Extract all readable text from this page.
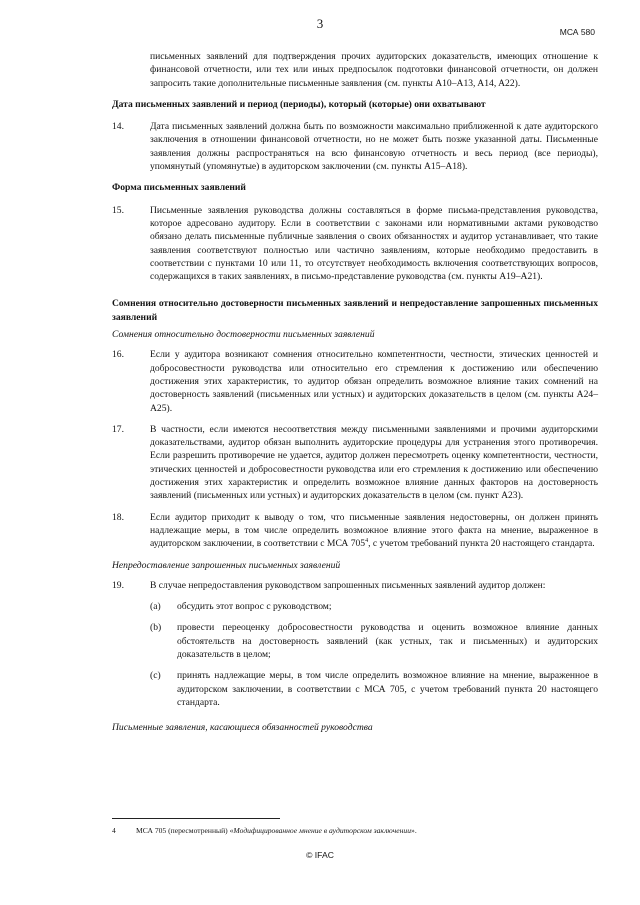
3
МСА 580

письменных заявлений для подтверждения прочих аудиторских доказательств, имеющих отношение к финансовой отчетности, или тех или иных предпосылок подготовки финансовой отчетности, он должен запросить такие дополнительные письменные заявления (см. пункты A10–A13, A14, A22).

Дата письменных заявлений и период (периоды), который (которые) они охватывают

14.	Дата письменных заявлений должна быть по возможности максимально приближенной к дате аудиторского заключения в отношении финансовой отчетности, но не может быть позже указанной даты. Письменные заявления должны распространяться на всю финансовую отчетность и весь период (все периоды), упомянутый (упомянутые) в аудиторском заключении (см. пункты A15–A18).

Форма письменных заявлений

15.	Письменные заявления руководства должны составляться в форме письма-представления руководства, которое адресовано аудитору. Если в соответствии с законами или нормативными актами руководство обязано делать письменные публичные заявления о своих обязанностях и аудитор устанавливает, что такие заявления соответствуют полностью или частично заявлениям, которые необходимо предоставить в соответствии с пунктами 10 или 11, то отсутствует необходимость включения соответствующих вопросов, содержащихся в таких заявлениях, в письмо-представление руководства (см. пункты A19–A21).

Сомнения относительно достоверности письменных заявлений и непредоставление запрошенных письменных заявлений

Сомнения относительно достоверности письменных заявлений

16.	Если у аудитора возникают сомнения относительно компетентности, честности, этических ценностей и добросовестности руководства или относительно его стремления к достижению или обеспечению достижения этих характеристик, то аудитор обязан определить возможное влияние таких сомнений на достоверность заявлений (письменных или устных) и аудиторских доказательств в целом (см. пункты A24–A25).
17.	В частности, если имеются несоответствия между письменными заявлениями и прочими аудиторскими доказательствами, аудитор обязан выполнить аудиторские процедуры для устранения этого противоречия. Если разрешить противоречие не удается, аудитор должен пересмотреть оценку компетентности, честности, этических ценностей и добросовестности руководства или его стремления к достижению или обеспечению достижения этих характеристик и определить возможное влияние данных факторов на достоверность заявлений (письменных или устных) и аудиторских доказательств в целом (см. пункт A23).
18.	Если аудитор приходит к выводу о том, что письменные заявления недостоверны, он должен принять надлежащие меры, в том числе определить возможное влияние этого факта на мнение, выраженное в аудиторском заключении, в соответствии с МСА $705^4$, с учетом требований пункта 20 настоящего стандарта.

Непредоставление запрошенных письменных заявлений

19.	В случае непредоставления руководством запрошенных письменных заявлений аудитор должен:
(a)	обсудить этот вопрос с руководством;
(b)	провести переоценку добросовестности руководства и оценить возможное влияние данных обстоятельств на достоверность заявлений (как устных, так и письменных) и аудиторских доказательств в целом;
(c)	принять надлежащие меры, в том числе определить возможное влияние на мнение, выраженное в аудиторском заключении, в соответствии с МСА 705, с учетом требований пункта 20 настоящего стандарта.

Письменные заявления, касающиеся обязанностей руководства

4	МСА 705 (пересмотренный) «Модифицированное мнение в аудиторском заключении».
© IFAC
